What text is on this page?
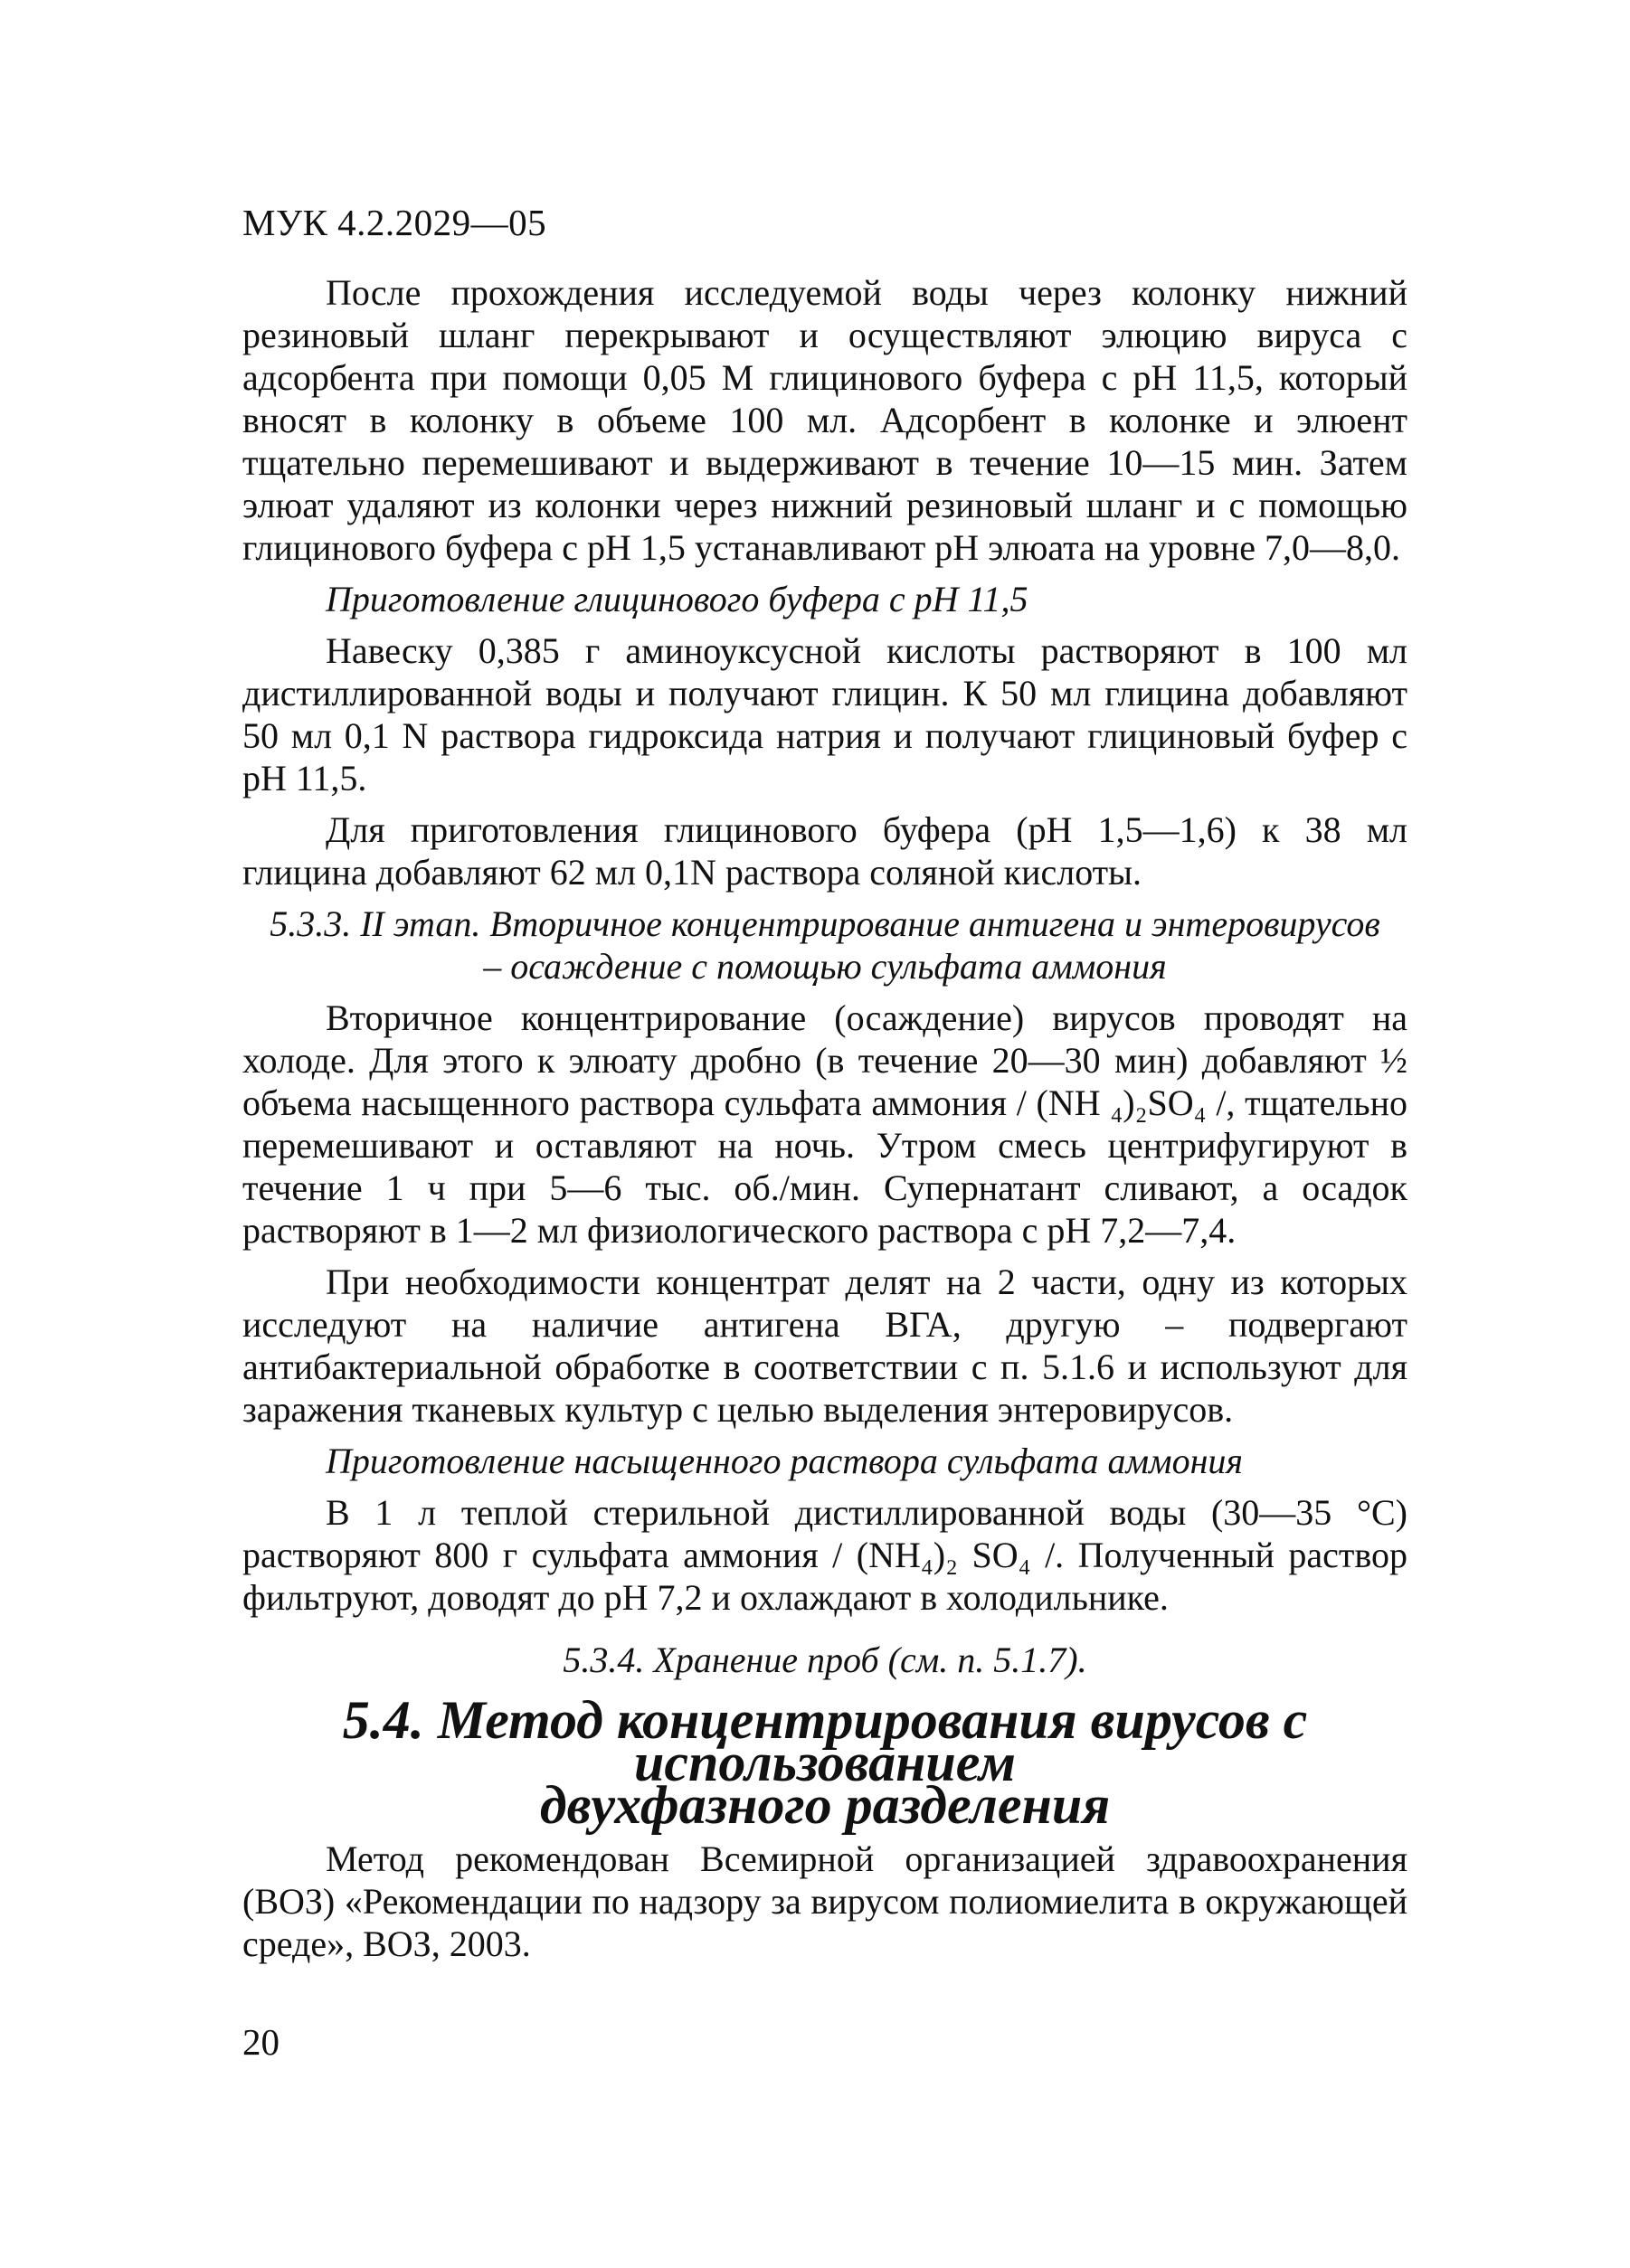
МУК 4.2.2029—05

После прохождения исследуемой воды через колонку нижний резиновый шланг перекрывают и осуществляют элюцию вируса с адсорбента при помощи 0,05 М глицинового буфера с рН 11,5, который вносят в колонку в объеме 100 мл. Адсорбент в колонке и элюент тщательно перемешивают и выдерживают в течение 10—15 мин. Затем элюат удаляют из колонки через нижний резиновый шланг и с помощью глицинового буфера с рН 1,5 устанавливают рН элюата на уровне 7,0—8,0.

Приготовление глицинового буфера с рН 11,5

Навеску 0,385 г аминоуксусной кислоты растворяют в 100 мл дистиллированной воды и получают глицин. К 50 мл глицина добавляют 50 мл 0,1 N раствора гидроксида натрия и получают глициновый буфер с рН 11,5.

Для приготовления глицинового буфера (рН 1,5—1,6) к 38 мл глицина добавляют 62 мл 0,1N раствора соляной кислоты.

5.3.3. II этап. Вторичное концентрирование антигена и энтеровирусов
– осаждение с помощью сульфата аммония

Вторичное концентрирование (осаждение) вирусов проводят на холоде. Для этого к элюату дробно (в течение 20—30 мин) добавляют ½ объема насыщенного раствора сульфата аммония / (NH ₄)₂SO₄ /, тщательно перемешивают и оставляют на ночь. Утром смесь центрифугируют в течение 1 ч при 5—6 тыс. об./мин. Супернатант сливают, а осадок растворяют в 1—2 мл физиологического раствора с рН 7,2—7,4.

При необходимости концентрат делят на 2 части, одну из которых исследуют на наличие антигена ВГА, другую – подвергают антибактериальной обработке в соответствии с п. 5.1.6 и используют для заражения тканевых культур с целью выделения энтеровирусов.

Приготовление насыщенного раствора сульфата аммония

В 1 л теплой стерильной дистиллированной воды (30—35 °С) растворяют 800 г сульфата аммония / (NH₄)₂ SO₄ /. Полученный раствор фильтруют, доводят до рН 7,2 и охлаждают в холодильнике.

5.3.4. Хранение проб (см. п. 5.1.7).

5.4. Метод концентрирования вирусов с использованием
двухфазного разделения

Метод рекомендован Всемирной организацией здравоохранения (ВОЗ) «Рекомендации по надзору за вирусом полиомиелита в окружающей среде», ВОЗ, 2003.

20
